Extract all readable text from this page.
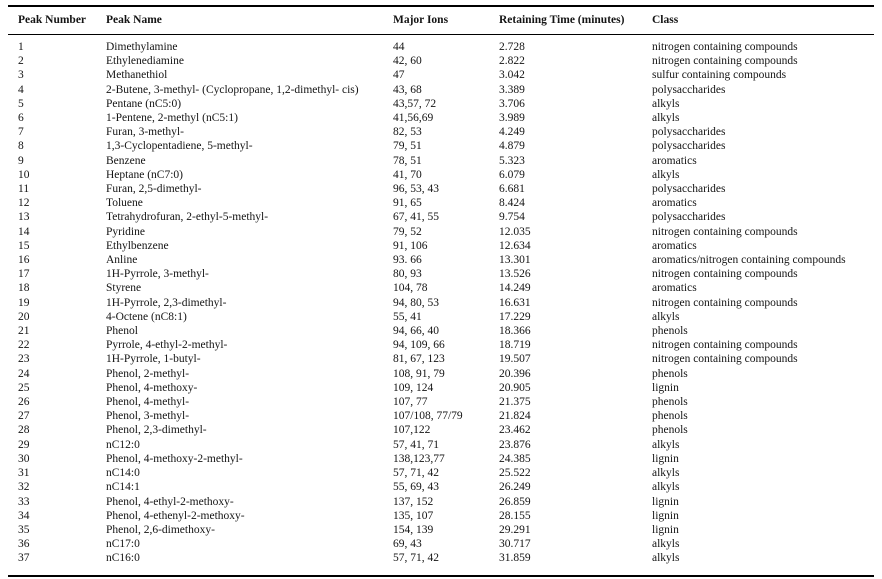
Peak Number	Peak Name	Major Ions	Retaining Time (minutes)	Class
1	Dimethylamine	44	2.728	nitrogen containing compounds
2	Ethylenediamine	42, 60	2.822	nitrogen containing compounds
3	Methanethiol	47	3.042	sulfur containing compounds
4	2-Butene, 3-methyl- (Cyclopropane, 1,2-dimethyl- cis)	43, 68	3.389	polysaccharides
5	Pentane (nC5:0)	43,57, 72	3.706	alkyls
6	1-Pentene, 2-methyl (nC5:1)	41,56,69	3.989	alkyls
7	Furan, 3-methyl-	82, 53	4.249	polysaccharides
8	1,3-Cyclopentadiene, 5-methyl-	79, 51	4.879	polysaccharides
9	Benzene	78, 51	5.323	aromatics
10	Heptane (nC7:0)	41, 70	6.079	alkyls
11	Furan, 2,5-dimethyl-	96, 53, 43	6.681	polysaccharides
12	Toluene	91, 65	8.424	aromatics
13	Tetrahydrofuran, 2-ethyl-5-methyl-	67, 41, 55	9.754	polysaccharides
14	Pyridine	79, 52	12.035	nitrogen containing compounds
15	Ethylbenzene	91, 106	12.634	aromatics
16	Anline	93. 66	13.301	aromatics/nitrogen containing compounds
17	1H-Pyrrole, 3-methyl-	80, 93	13.526	nitrogen containing compounds
18	Styrene	104, 78	14.249	aromatics
19	1H-Pyrrole, 2,3-dimethyl-	94, 80, 53	16.631	nitrogen containing compounds
20	4-Octene (nC8:1)	55, 41	17.229	alkyls
21	Phenol	94, 66, 40	18.366	phenols
22	Pyrrole, 4-ethyl-2-methyl-	94, 109, 66	18.719	nitrogen containing compounds
23	1H-Pyrrole, 1-butyl-	81, 67, 123	19.507	nitrogen containing compounds
24	Phenol, 2-methyl-	108, 91, 79	20.396	phenols
25	Phenol, 4-methoxy-	109, 124	20.905	lignin
26	Phenol, 4-methyl-	107, 77	21.375	phenols
27	Phenol, 3-methyl-	107/108, 77/79	21.824	phenols
28	Phenol, 2,3-dimethyl-	107,122	23.462	phenols
29	nC12:0	57, 41, 71	23.876	alkyls
30	Phenol, 4-methoxy-2-methyl-	138,123,77	24.385	lignin
31	nC14:0	57, 71, 42	25.522	alkyls
32	nC14:1	55, 69, 43	26.249	alkyls
33	Phenol, 4-ethyl-2-methoxy-	137, 152	26.859	lignin
34	Phenol, 4-ethenyl-2-methoxy-	135, 107	28.155	lignin
35	Phenol, 2,6-dimethoxy-	154, 139	29.291	lignin
36	nC17:0	69, 43	30.717	alkyls
37	nC16:0	57, 71, 42	31.859	alkyls
